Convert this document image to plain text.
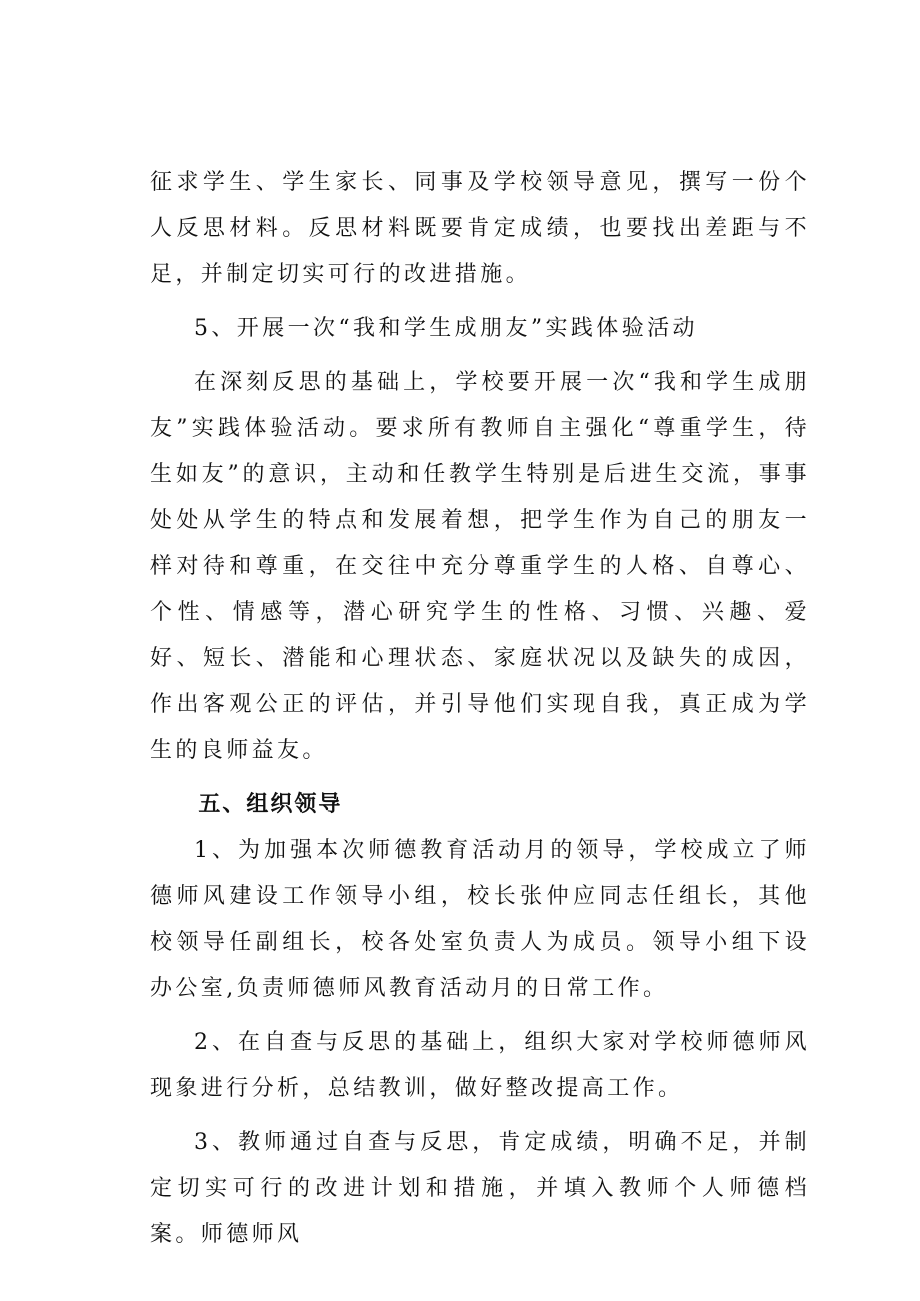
征求学生、学生家长、同事及学校领导意见，撰写一份个人反思材料。反思材料既要肯定成绩，也要找出差距与不足，并制定切实可行的改进措施。

5、开展一次“我和学生成朋友”实践体验活动

在深刻反思的基础上，学校要开展一次“我和学生成朋友”实践体验活动。要求所有教师自主强化“尊重学生，待生如友”的意识，主动和任教学生特别是后进生交流，事事处处从学生的特点和发展着想，把学生作为自己的朋友一样对待和尊重，在交往中充分尊重学生的人格、自尊心、个性、情感等，潜心研究学生的性格、习惯、兴趣、爱好、短长、潜能和心理状态、家庭状况以及缺失的成因，作出客观公正的评估，并引导他们实现自我，真正成为学生的良师益友。

五、组织领导

1、为加强本次师德教育活动月的领导，学校成立了师德师风建设工作领导小组，校长张仲应同志任组长，其他校领导任副组长，校各处室负责人为成员。领导小组下设办公室,负责师德师风教育活动月的日常工作。

2、在自查与反思的基础上，组织大家对学校师德师风现象进行分析，总结教训，做好整改提高工作。

3、教师通过自查与反思，肯定成绩，明确不足，并制定切实可行的改进计划和措施，并填入教师个人师德档案。师德师风
